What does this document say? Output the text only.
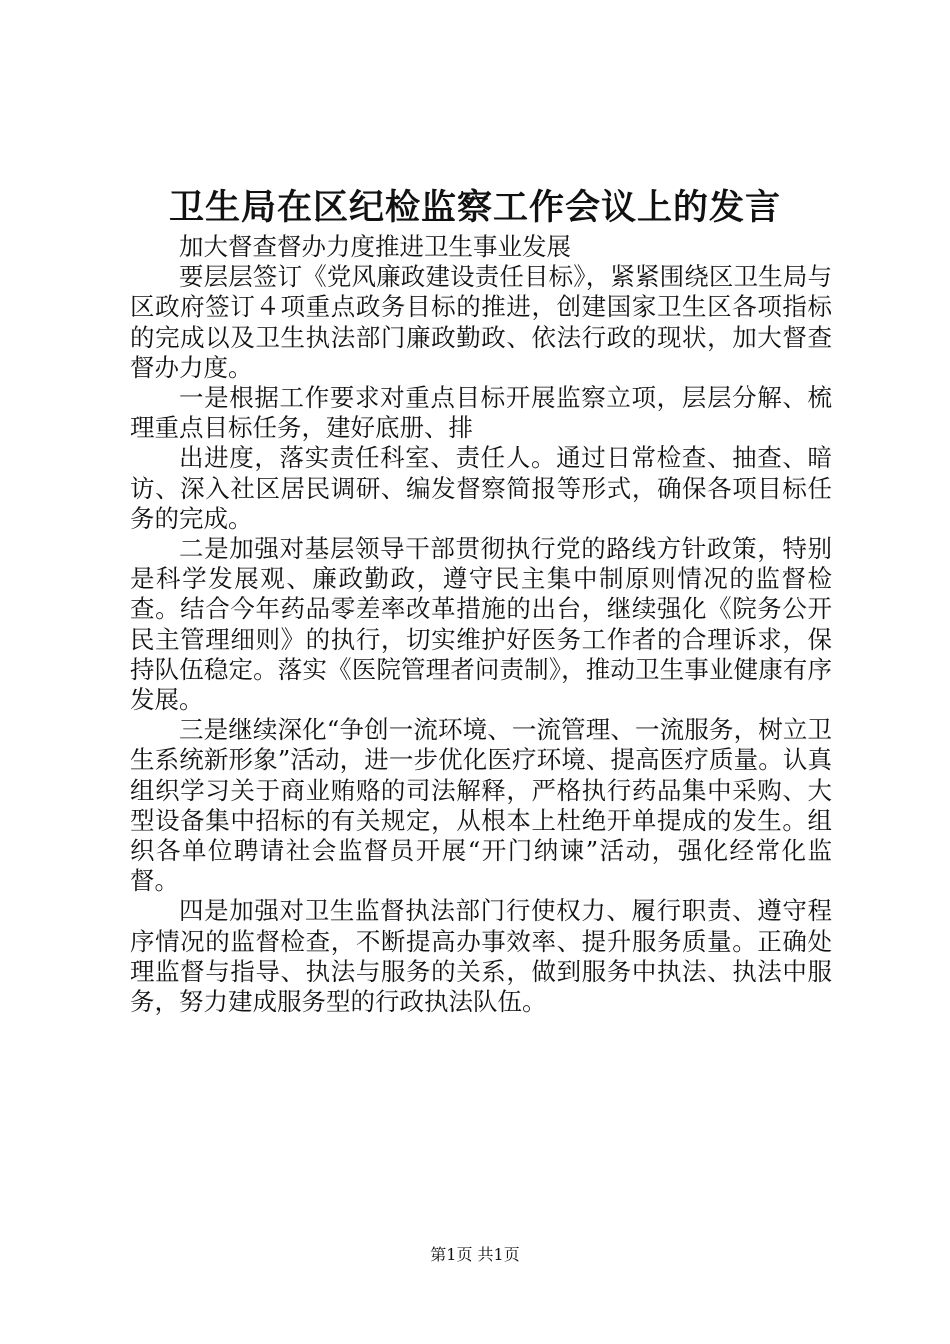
卫生局在区纪检监察工作会议上的发言

加大督查督办力度推进卫生事业发展

要层层签订《党风廉政建设责任目标》，紧紧围绕区卫生局与区政府签订４项重点政务目标的推进，创建国家卫生区各项指标的完成以及卫生执法部门廉政勤政、依法行政的现状，加大督查督办力度。

一是根据工作要求对重点目标开展监察立项，层层分解、梳理重点目标任务，建好底册、排

出进度，落实责任科室、责任人。通过日常检查、抽查、暗访、深入社区居民调研、编发督察简报等形式，确保各项目标任务的完成。

二是加强对基层领导干部贯彻执行党的路线方针政策，特别是科学发展观、廉政勤政，遵守民主集中制原则情况的监督检查。结合今年药品零差率改革措施的出台，继续强化《院务公开民主管理细则》的执行，切实维护好医务工作者的合理诉求，保持队伍稳定。落实《医院管理者问责制》，推动卫生事业健康有序发展。

三是继续深化“争创一流环境、一流管理、一流服务，树立卫生系统新形象”活动，进一步优化医疗环境、提高医疗质量。认真组织学习关于商业贿赂的司法解释，严格执行药品集中采购、大型设备集中招标的有关规定，从根本上杜绝开单提成的发生。组织各单位聘请社会监督员开展“开门纳谏”活动，强化经常化监督。

四是加强对卫生监督执法部门行使权力、履行职责、遵守程序情况的监督检查，不断提高办事效率、提升服务质量。正确处理监督与指导、执法与服务的关系，做到服务中执法、执法中服务，努力建成服务型的行政执法队伍。

第1页 共1页
